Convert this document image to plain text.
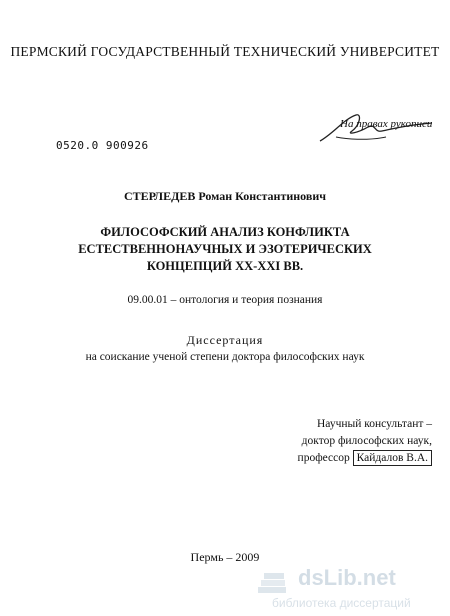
ПЕРМСКИЙ ГОСУДАРСТВЕННЫЙ ТЕХНИЧЕСКИЙ УНИВЕРСИТЕТ
На правах рукописи
0520.0 900926
СТЕРЛЕДЕВ Роман Константинович
ФИЛОСОФСКИЙ АНАЛИЗ КОНФЛИКТА
ЕСТЕСТВЕННОНАУЧНЫХ И ЭЗОТЕРИЧЕСКИХ
КОНЦЕПЦИЙ XX-XXI ВВ.
09.00.01 – онтология и теория познания
Диссертация
на соискание ученой степени доктора философских наук
Научный консультант –
доктор философских наук,
профессор Кайдалов В.А.
Пермь – 2009
dsLib.net
библиотека диссертаций
